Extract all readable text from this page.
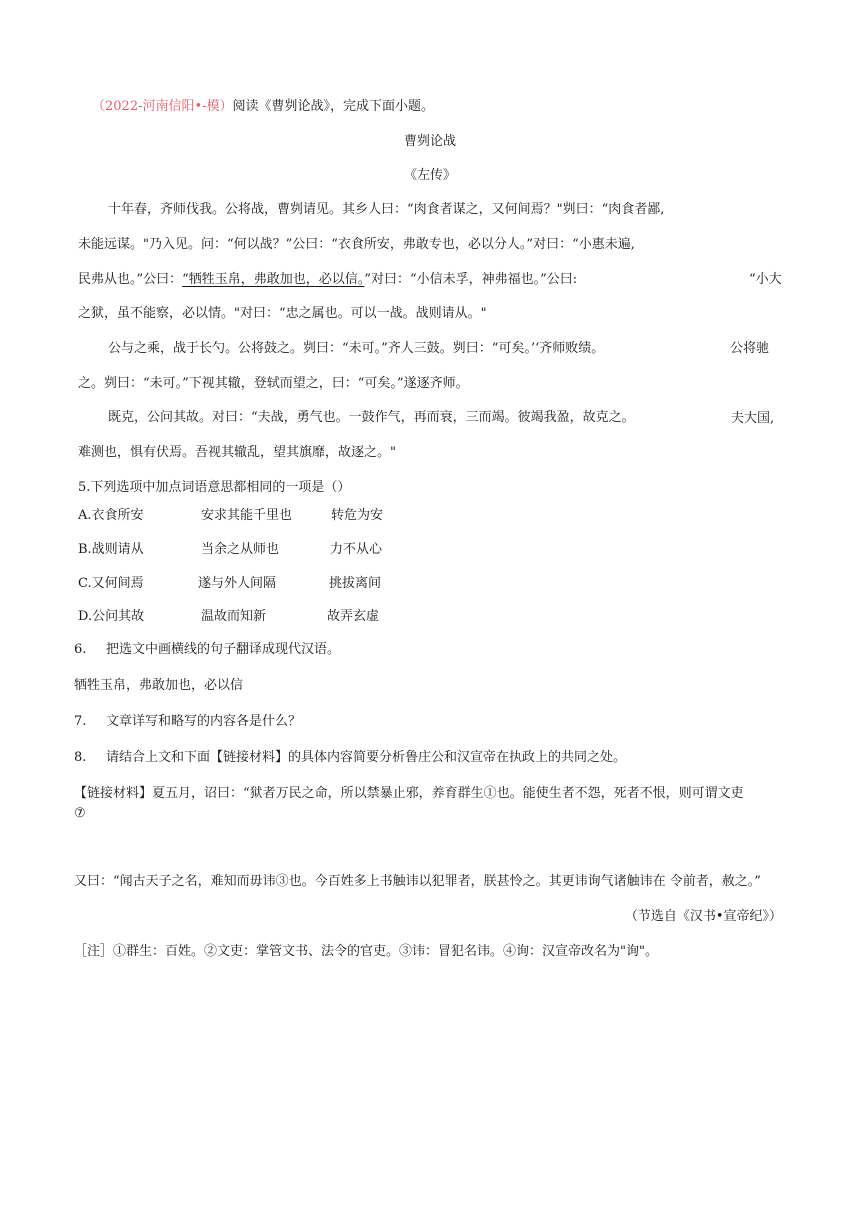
（2022-河南信阳•-模）阅读《曹刿论战》，完成下面小题。
曹刿论战
《左传》
十年春，齐师伐我。公将战，曹刿请见。其乡人曰：“肉食者谋之，又何间焉？"刿曰：“肉食者鄙,
未能远谋。"乃入见。问：“何以战？”公曰：“衣食所安，弗敢专也，必以分人。”对曰：“小惠未遍,
民弗从也。”公曰：“牺牲玉帛，弗敢加也，必以信。”对曰：“小信未孚，神弗福也。”公曰:	“小大
之狱，虽不能察，必以情。"对曰：“忠之属也。可以一战。战则请从。"
公与之乘，战于长勺。公将鼓之。刿曰：“未可。”齐人三鼓。刿曰：“可矣。’‘齐师败绩。	公将驰
之。刿曰：“未可。”下视其辙，登轼而望之，曰：“可矣。”遂逐齐师。
既克，公问其故。对曰：“夫战，勇气也。一鼓作气，再而衰，三而竭。彼竭我盈，故克之。	夫大国,
难测也，惧有伏焉。吾视其辙乱，望其旗靡，故逐之。"
5.下列选项中加点词语意思都相同的一项是（）
A.衣食所安	安求其能千里也	转危为安
B.战则请从	当余之从师也	力不从心
C.又何间焉	遂与外人间隔	挑拔离间
D.公问其故	温故而知新	故弄玄虚
6. 把选文中画横线的句子翻译成现代汉语。
牺牲玉帛，弗敢加也，必以信
7. 文章详写和略写的内容各是什么？
8. 请结合上文和下面【链接材料】的具体内容简要分析鲁庄公和汉宣帝在执政上的共同之处。
【链接材料】夏五月，诏曰：“狱者万民之命，所以禁暴止邪，养育群生①也。能使生者不怨，死者不恨，则可谓文吏
⑦
又曰：“闻古天子之名，难知而毋讳③也。今百姓多上书触讳以犯罪者，朕甚怜之。其更讳询气诸触讳在 令前者，赦之。”
（节选自《汉书•宣帝纪》）
［注］①群生：百姓。②文吏：掌管文书、法令的官吏。③讳：冒犯名讳。④询：汉宣帝改名为"询"。
